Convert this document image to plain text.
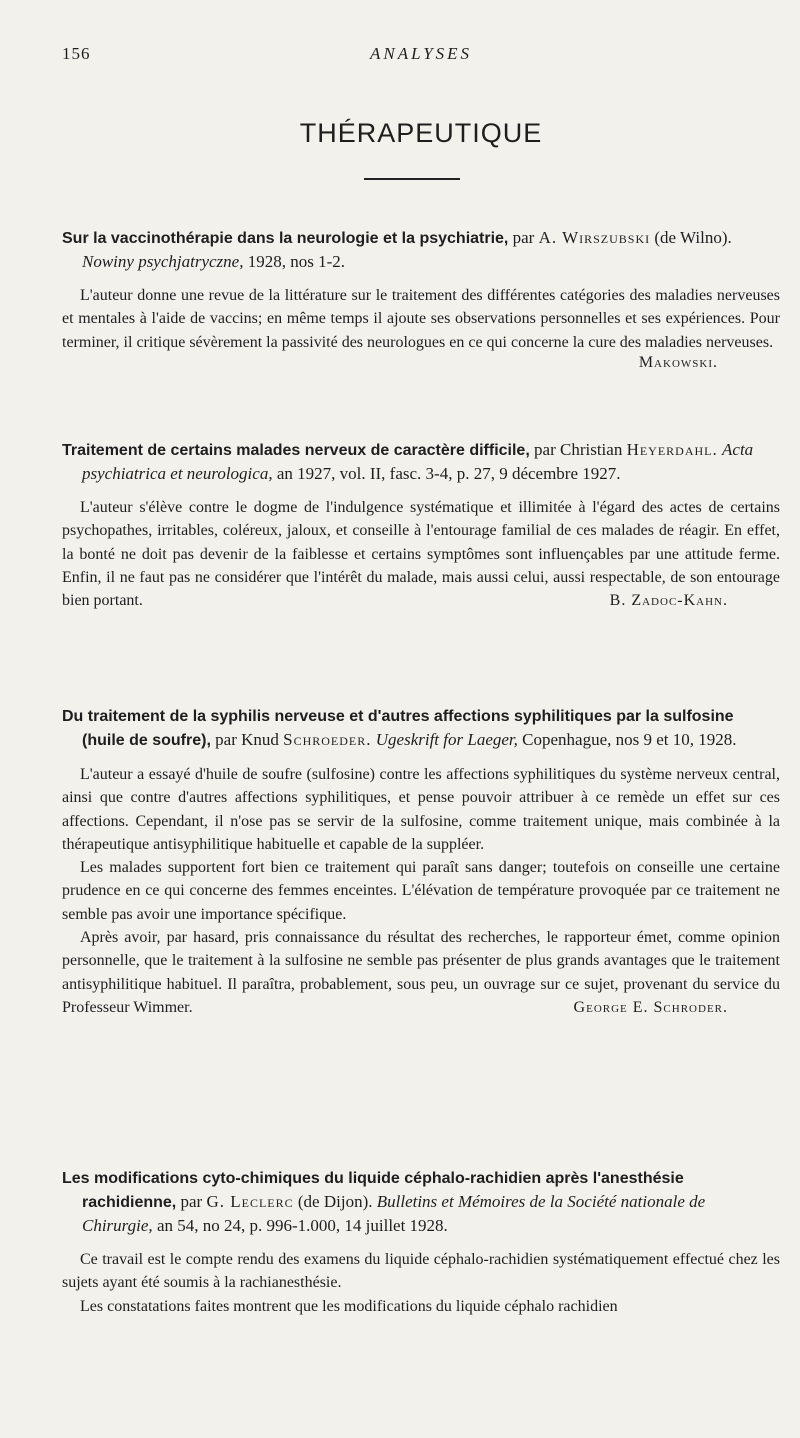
156	ANALYSES
THÉRAPEUTIQUE

Sur la vaccinothérapie dans la neurologie et la psychiatrie, par A. Wirszubski (de Wilno). Nowiny psychjatryczne, 1928, nos 1-2.

L'auteur donne une revue de la littérature sur le traitement des différentes catégories des maladies nerveuses et mentales à l'aide de vaccins; en même temps il ajoute ses observations personnelles et ses expériences. Pour terminer, il critique sévèrement la passivité des neurologues en ce qui concerne la cure des maladies nerveuses.

Makowski.

Traitement de certains malades nerveux de caractère difficile, par Christian Heyerdahl. Acta psychiatrica et neurologica, an 1927, vol. II, fasc. 3-4, p. 27, 9 décembre 1927.

L'auteur s'élève contre le dogme de l'indulgence systématique et illimitée à l'égard des actes de certains psychopathes, irritables, coléreux, jaloux, et conseille à l'entourage familial de ces malades de réagir. En effet, la bonté ne doit pas devenir de la faiblesse et certains symptômes sont influençables par une attitude ferme. Enfin, il ne faut pas ne considérer que l'intérêt du malade, mais aussi celui, aussi respectable, de son entourage bien portant.	B. Zadoc-Kahn.

Du traitement de la syphilis nerveuse et d'autres affections syphilitiques par la sulfosine (huile de soufre), par Knud Schroeder. Ugeskrift for Laeger, Copenhague, nos 9 et 10, 1928.

L'auteur a essayé d'huile de soufre (sulfosine) contre les affections syphilitiques du système nerveux central, ainsi que contre d'autres affections syphilitiques, et pense pouvoir attribuer à ce remède un effet sur ces affections. Cependant, il n'ose pas se servir de la sulfosine, comme traitement unique, mais combinée à la thérapeutique antisyphilitique habituelle et capable de la suppléer.

Les malades supportent fort bien ce traitement qui paraît sans danger; toutefois on conseille une certaine prudence en ce qui concerne des femmes enceintes. L'élévation de température provoquée par ce traitement ne semble pas avoir une importance spécifique.

Après avoir, par hasard, pris connaissance du résultat des recherches, le rapporteur émet, comme opinion personnelle, que le traitement à la sulfosine ne semble pas présenter de plus grands avantages que le traitement antisyphilitique habituel. Il paraîtra, probablement, sous peu, un ouvrage sur ce sujet, provenant du service du Professeur Wimmer.	George E. Schroder.

Les modifications cyto-chimiques du liquide céphalo-rachidien après l'anesthésie rachidienne, par G. Leclerc (de Dijon). Bulletins et Mémoires de la Société nationale de Chirurgie, an 54, no 24, p. 996-1.000, 14 juillet 1928.

Ce travail est le compte rendu des examens du liquide céphalo-rachidien systématiquement effectué chez les sujets ayant été soumis à la rachianesthésie.

Les constatations faites montrent que les modifications du liquide céphalo rachidien
